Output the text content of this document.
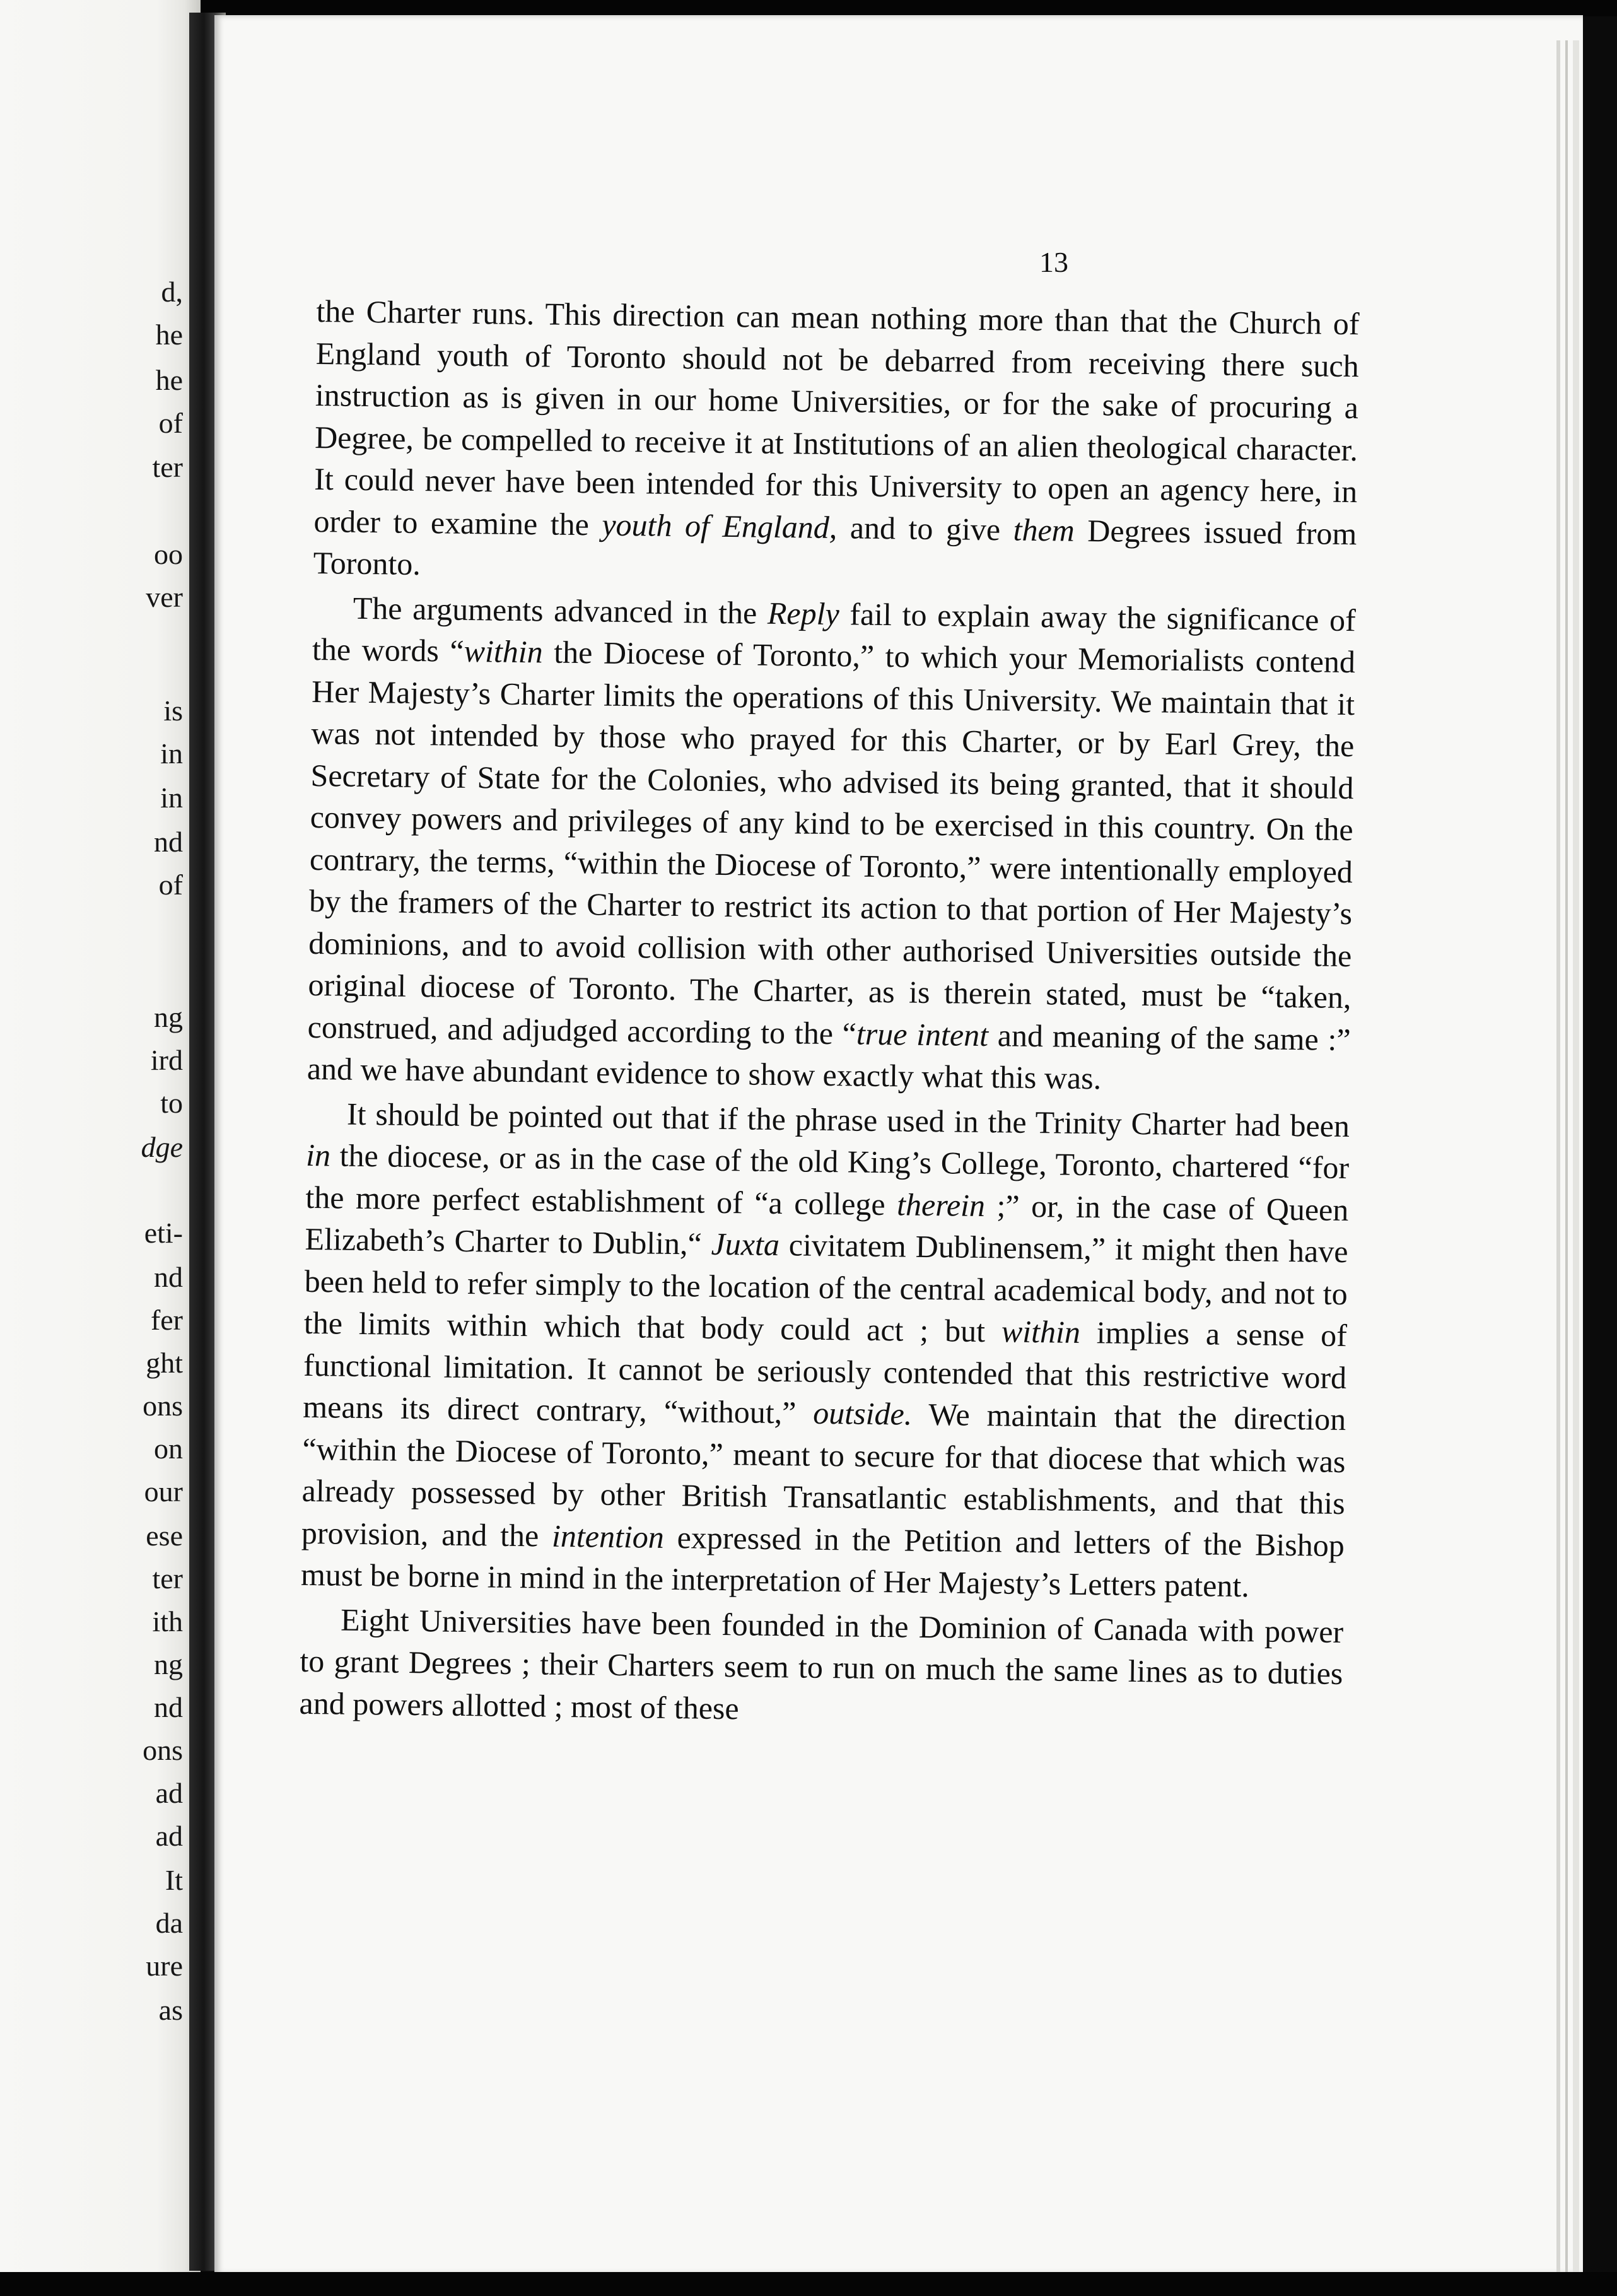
d,

he

he

of

ter

oo

ver

is

in

in

nd

of

ng

ird

to

dge

eti-

nd

fer

ght

ons

on

our

ese

ter

ith

ng

nd

ons

ad

ad

It

da

ure

as

13

the Charter runs. This direction can mean nothing more than that the Church of England youth of Toronto should not be debarred from receiving there such instruction as is given in our home Universities, or for the sake of procuring a Degree, be compelled to receive it at Institutions of an alien theological character. It could never have been intended for this University to open an agency here, in order to examine the youth of England, and to give them Degrees issued from Toronto.

The arguments advanced in the Reply fail to explain away the significance of the words “within the Diocese of Toronto,” to which your Memorialists contend Her Majesty’s Charter limits the operations of this University. We maintain that it was not intended by those who prayed for this Charter, or by Earl Grey, the Secretary of State for the Colonies, who advised its being granted, that it should convey powers and privileges of any kind to be exercised in this country. On the contrary, the terms, “within the Diocese of Toronto,” were intentionally employed by the framers of the Charter to restrict its action to that portion of Her Majesty’s dominions, and to avoid collision with other authorised Universities outside the original diocese of Toronto. The Charter, as is therein stated, must be “taken, construed, and adjudged according to the “true intent and meaning of the same :” and we have abundant evidence to show exactly what this was.

It should be pointed out that if the phrase used in the Trinity Charter had been in the diocese, or as in the case of the old King’s College, Toronto, chartered “for the more perfect establishment of “a college therein ;” or, in the case of Queen Elizabeth’s Charter to Dublin,“ Juxta civitatem Dublinensem,” it might then have been held to refer simply to the location of the central academical body, and not to the limits within which that body could act ; but within implies a sense of functional limitation. It cannot be seriously contended that this restrictive word means its direct contrary, “without,” outside. We maintain that the direction “within the Diocese of Toronto,” meant to secure for that diocese that which was already possessed by other British Transatlantic establishments, and that this provision, and the intention expressed in the Petition and letters of the Bishop must be borne in mind in the interpretation of Her Majesty’s Letters patent.

Eight Universities have been founded in the Dominion of Canada with power to grant Degrees ; their Charters seem to run on much the same lines as to duties and powers allotted ; most of these
